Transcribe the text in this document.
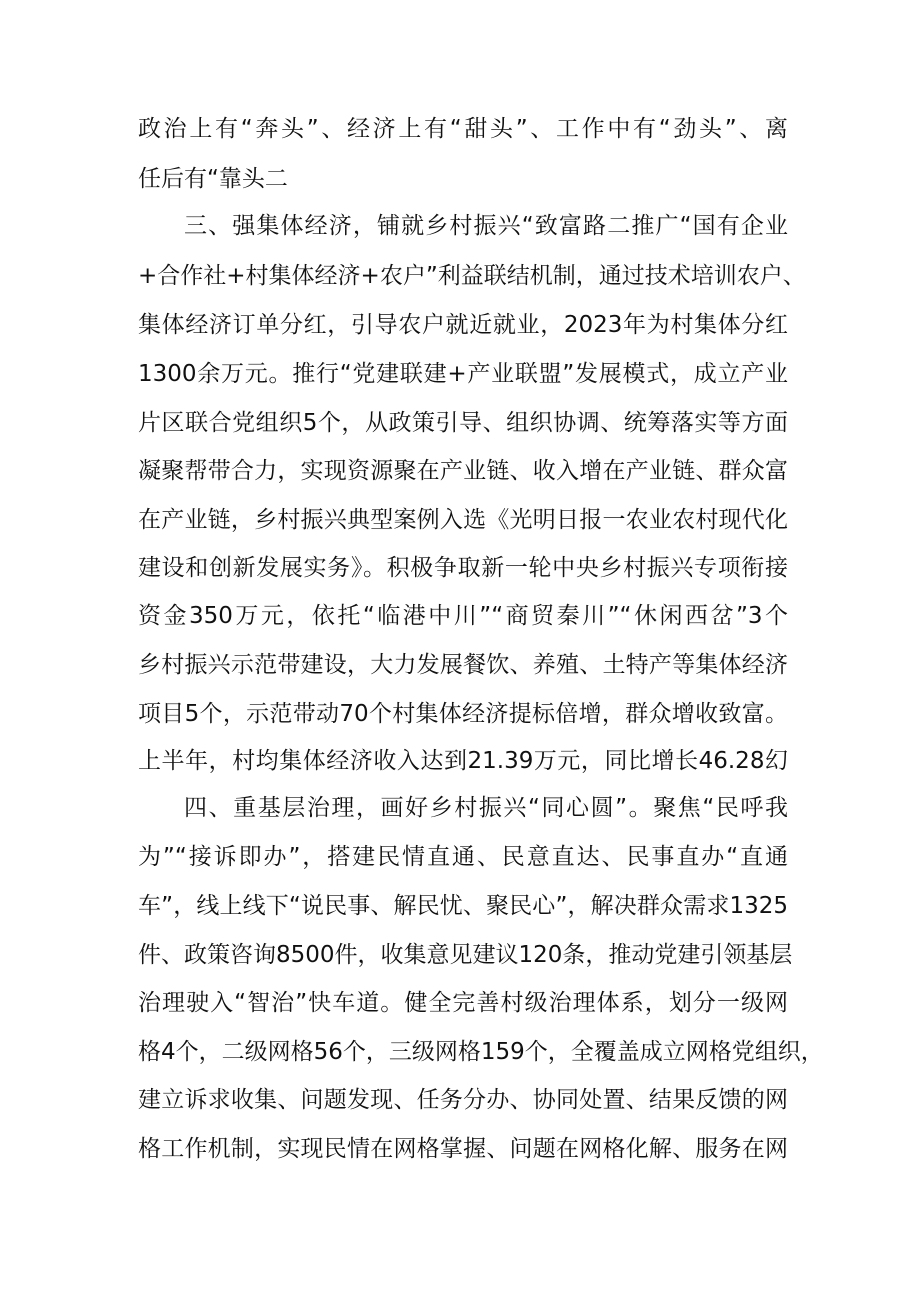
政治上有“奔头”、经济上有“甜头”、工作中有“劲头”、离
任后有“靠头二
三、强集体经济，铺就乡村振兴“致富路二推广“国有企业
+合作社+村集体经济+农户”利益联结机制，通过技术培训农户、
集体经济订单分红，引导农户就近就业，2023年为村集体分红
1300余万元。推行“党建联建+产业联盟”发展模式，成立产业
片区联合党组织5个，从政策引导、组织协调、统筹落实等方面
凝聚帮带合力，实现资源聚在产业链、收入增在产业链、群众富
在产业链，乡村振兴典型案例入选《光明日报一农业农村现代化
建设和创新发展实务》。积极争取新一轮中央乡村振兴专项衔接
资金350万元，依托“临港中川”“商贸秦川”“休闲西岔”3个
乡村振兴示范带建设，大力发展餐饮、养殖、土特产等集体经济
项目5个，示范带动70个村集体经济提标倍增，群众增收致富。
上半年，村均集体经济收入达到21.39万元，同比增长46.28幻
四、重基层治理，画好乡村振兴“同心圆”。聚焦“民呼我
为”“接诉即办”，搭建民情直通、民意直达、民事直办“直通
车”，线上线下“说民事、解民忧、聚民心”，解决群众需求1325
件、政策咨询8500件，收集意见建议120条，推动党建引领基层
治理驶入“智治”快车道。健全完善村级治理体系，划分一级网
格4个，二级网格56个，三级网格159个，全覆盖成立网格党组织，
建立诉求收集、问题发现、任务分办、协同处置、结果反馈的网
格工作机制，实现民情在网格掌握、问题在网格化解、服务在网
